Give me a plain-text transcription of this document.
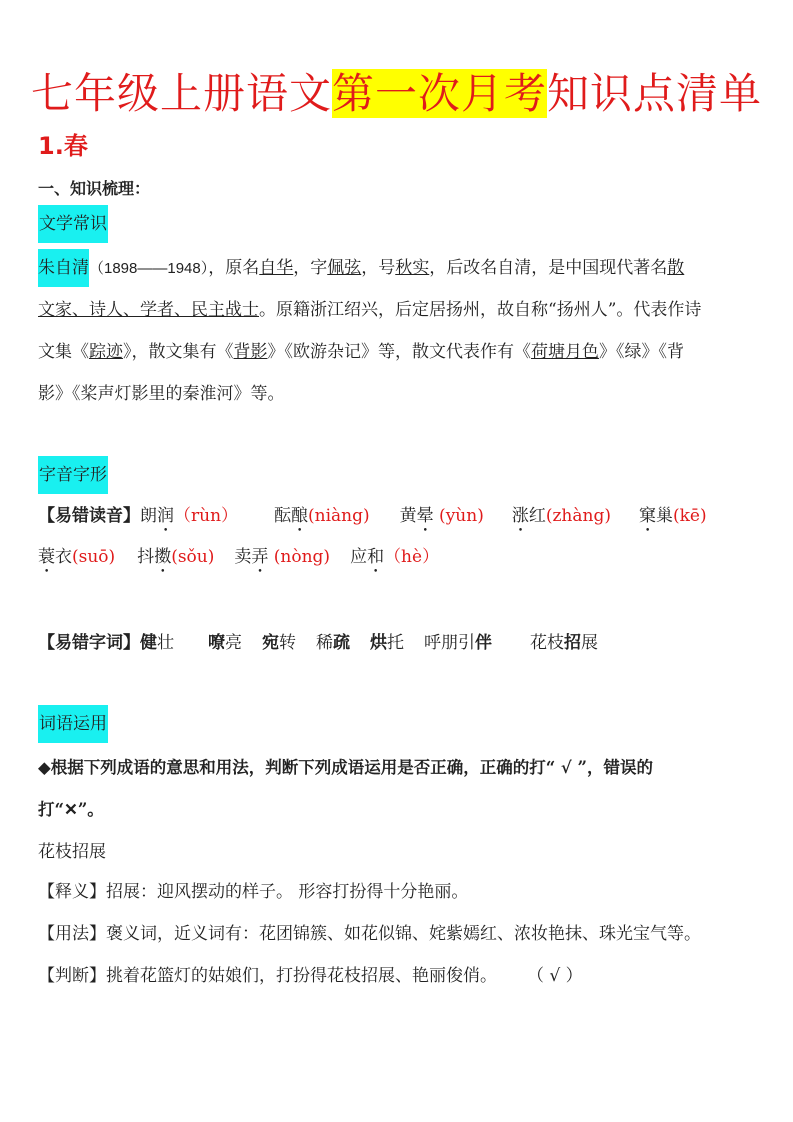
七年级上册语文第一次月考知识点清单
1.春
一、知识梳理：
文学常识
朱自清（1898——1948），原名自华，字佩弦，号秋实，后改名自清，是中国现代著名散
文家、诗人、学者、民主战士。原籍浙江绍兴，后定居扬州，故自称“扬州人”。代表作诗
文集《踪迹》，散文集有《背影》《欧游杂记》等，散文代表作有《荷塘月色》《绿》《背
影》《桨声灯影里的秦淮河》等。
字音字形
【易错读音】朗润（rùn） 酝酿(niàng) 黄晕 (yùn) 涨红(zhàng) 窠巢(kē)
蓑衣(suō) 抖擞(sǒu) 卖弄 (nòng) 应和（hè）
【易错字词】健壮 嘹亮 宛转 稀疏 烘托 呼朋引伴 花枝招展
词语运用
◆根据下列成语的意思和用法，判断下列成语运用是否正确，正确的打“ √ ”，错误的
打“✕”。
花枝招展
【释义】招展：迎风摆动的样子。 形容打扮得十分艳丽。
【用法】褒义词，近义词有：花团锦簇、如花似锦、姹紫嫣红、浓妆艳抹、珠光宝气等。
【判断】挑着花篮灯的姑娘们，打扮得花枝招展、艳丽俊俏。 （ √ ）
